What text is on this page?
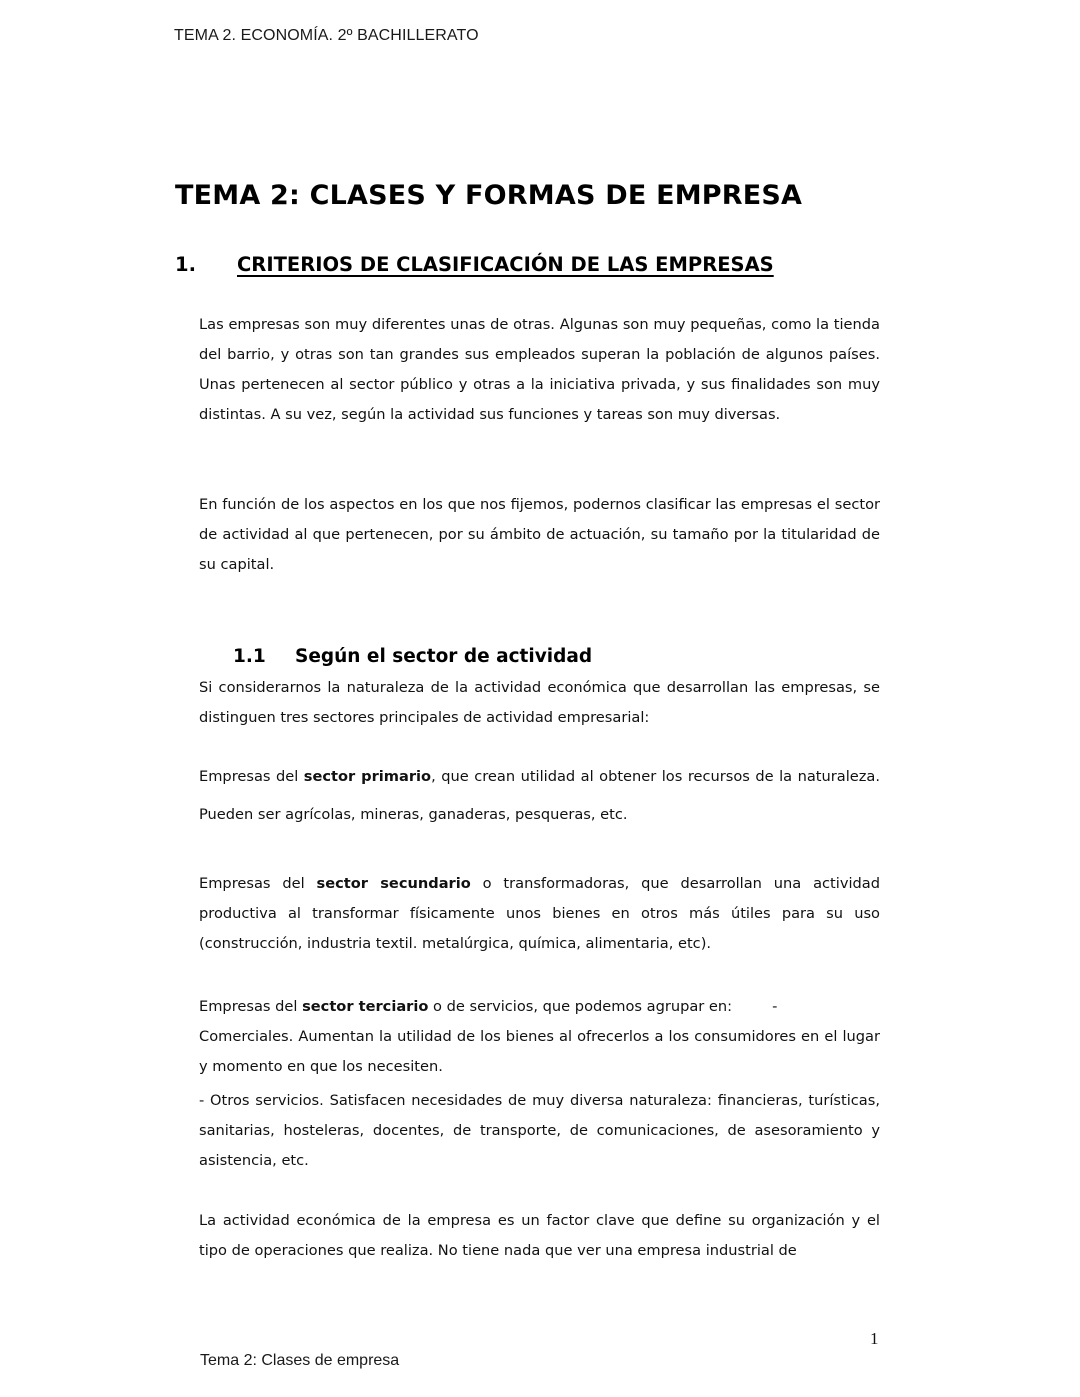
TEMA 2. ECONOMÍA. 2º BACHILLERATO
TEMA 2: CLASES Y FORMAS DE EMPRESA
1.	CRITERIOS DE CLASIFICACIÓN DE LAS EMPRESAS

Las empresas son muy diferentes unas de otras. Algunas son muy pequeñas, como la tienda del barrio, y otras son tan grandes sus empleados superan la población de algunos países. Unas pertenecen al sector público y otras a la iniciativa privada, y sus finalidades son muy distintas. A su vez, según la actividad sus funciones y tareas son muy diversas.

En función de los aspectos en los que nos fijemos, podernos clasificar las empresas el sector de actividad al que pertenecen, por su ámbito de actuación, su tamaño por la titularidad de su capital.

1.1	Según el sector de actividad

Si considerarnos la naturaleza de la actividad económica que desarrollan las empresas, se distinguen tres sectores principales de actividad empresarial:

Empresas del sector primario, que crean utilidad al obtener los recursos de la naturaleza. Pueden ser agrícolas, mineras, ganaderas, pesqueras, etc.

Empresas del sector secundario o transformadoras, que desarrollan una actividad productiva al transformar físicamente unos bienes en otros más útiles para su uso (construcción, industria textil. metalúrgica, química, alimentaria, etc).

Empresas del sector terciario o de servicios, que podemos agrupar en:	-

Comerciales. Aumentan la utilidad de los bienes al ofrecerlos a los consumidores en el lugar y momento en que los necesiten.

- Otros servicios. Satisfacen necesidades de muy diversa naturaleza: financieras, turísticas, sanitarias, hosteleras, docentes, de transporte, de comunicaciones, de asesoramiento y asistencia, etc.

La actividad económica de la empresa es un factor clave que define su organización y el tipo de operaciones que realiza. No tiene nada que ver una empresa industrial de

1
Tema 2: Clases de empresa
